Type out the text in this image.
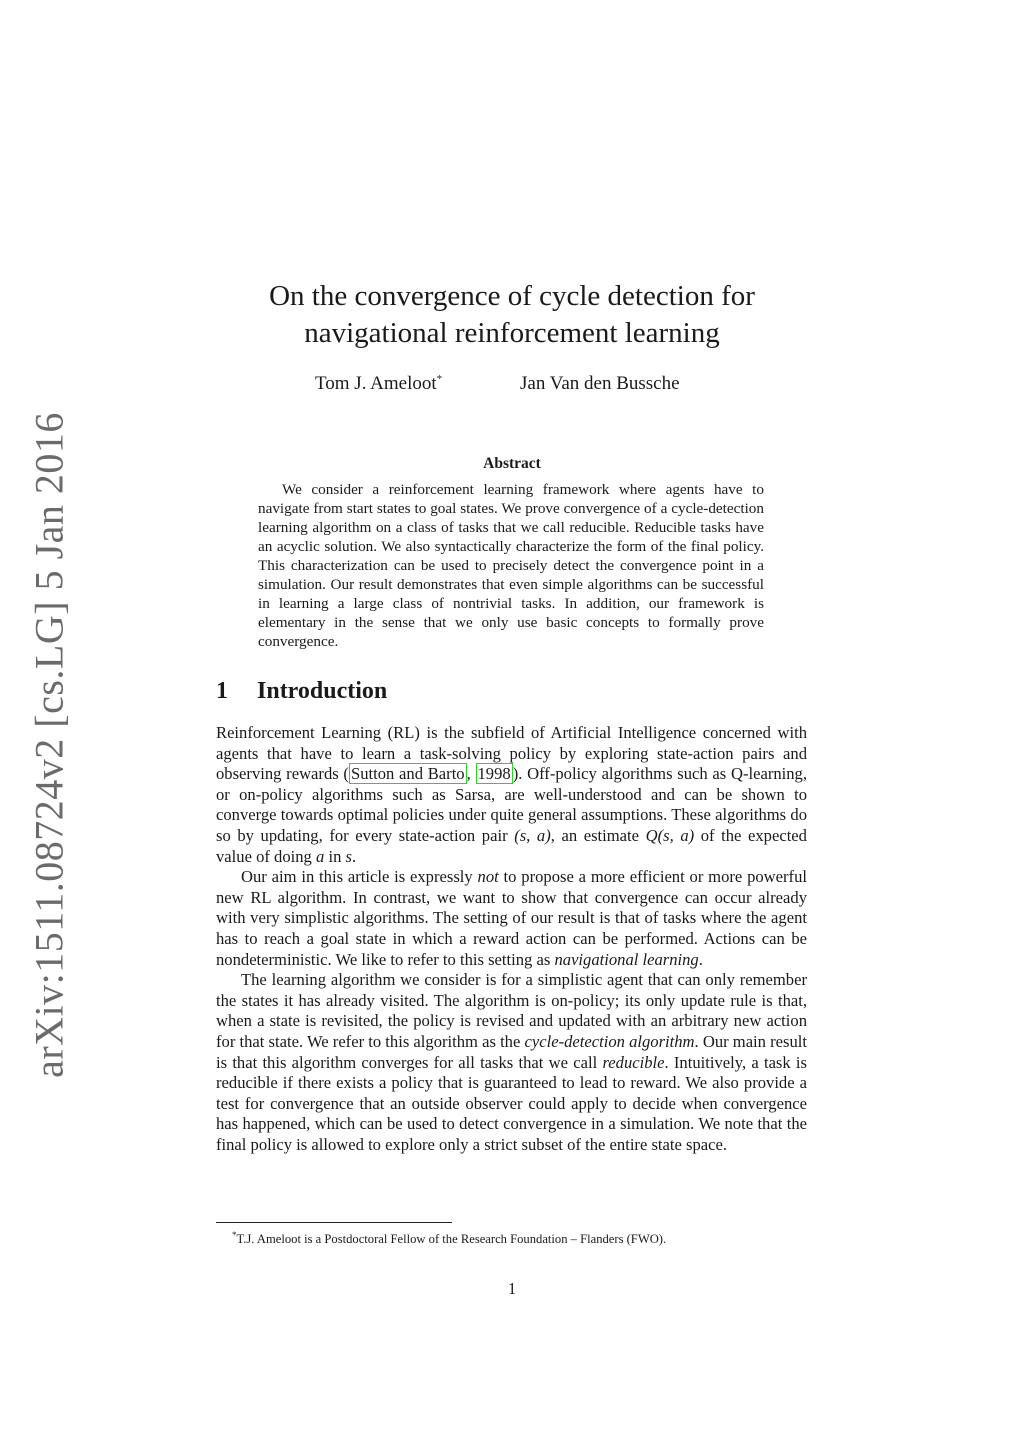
arXiv:1511.08724v2 [cs.LG] 5 Jan 2016
On the convergence of cycle detection for
navigational reinforcement learning
Tom J. Ameloot*	Jan Van den Bussche
Abstract

We consider a reinforcement learning framework where agents have to navigate from start states to goal states. We prove convergence of a cycle-detection learning algorithm on a class of tasks that we call reducible. Reducible tasks have an acyclic solution. We also syntactically characterize the form of the final policy. This characterization can be used to precisely detect the convergence point in a simulation. Our result demonstrates that even simple algorithms can be successful in learning a large class of nontrivial tasks. In addition, our framework is elementary in the sense that we only use basic concepts to formally prove convergence.

1 Introduction

Reinforcement Learning (RL) is the subfield of Artificial Intelligence concerned with agents that have to learn a task-solving policy by exploring state-action pairs and observing rewards ( Sutton and Barto , 1998 ). Off-policy algorithms such as Q-learning, or on-policy algorithms such as Sarsa, are well-understood and can be shown to converge towards optimal policies under quite general assumptions. These algorithms do so by updating, for every state-action pair (s, a), an estimate Q(s, a) of the expected value of doing a in s.

Our aim in this article is expressly not to propose a more efficient or more powerful new RL algorithm. In contrast, we want to show that convergence can occur already with very simplistic algorithms. The setting of our result is that of tasks where the agent has to reach a goal state in which a reward action can be performed. Actions can be nondeterministic. We like to refer to this setting as navigational learning.

The learning algorithm we consider is for a simplistic agent that can only remember the states it has already visited. The algorithm is on-policy; its only update rule is that, when a state is revisited, the policy is revised and updated with an arbitrary new action for that state. We refer to this algorithm as the cycle-detection algorithm. Our main result is that this algorithm converges for all tasks that we call reducible. Intuitively, a task is reducible if there exists a policy that is guaranteed to lead to reward. We also provide a test for convergence that an outside observer could apply to decide when convergence has happened, which can be used to detect convergence in a simulation. We note that the final policy is allowed to explore only a strict subset of the entire state space.

*T.J. Ameloot is a Postdoctoral Fellow of the Research Foundation – Flanders (FWO).
1
